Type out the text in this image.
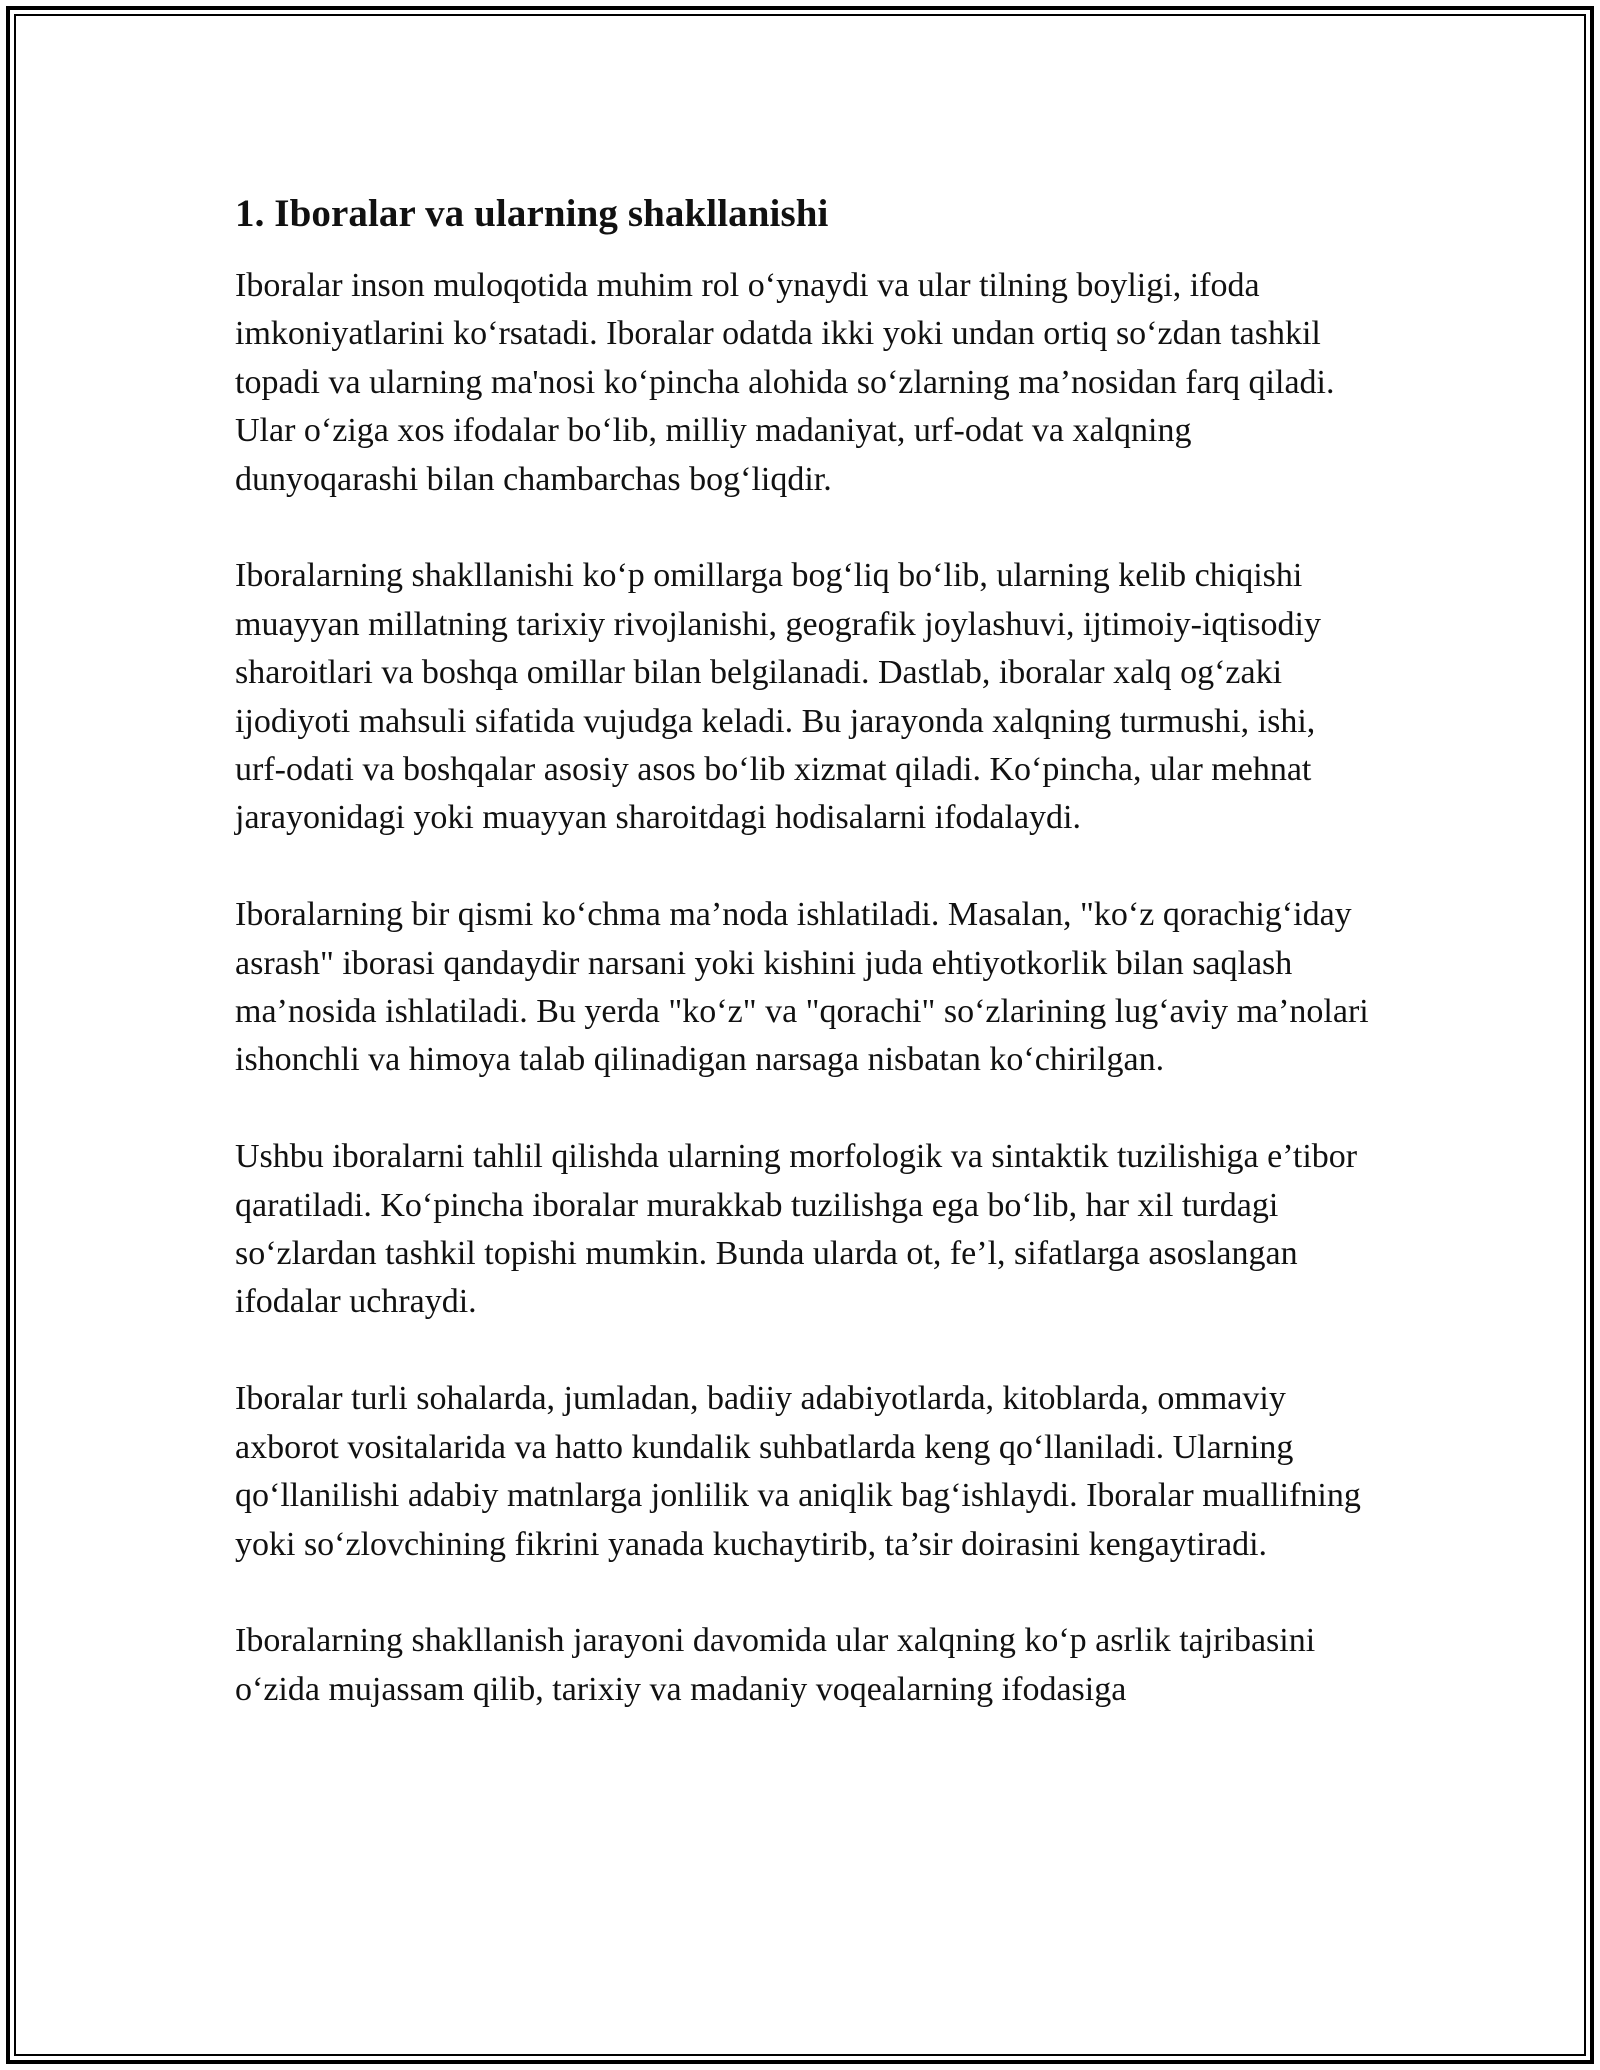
1. Iboralar va ularning shakllanishi

Iboralar inson muloqotida muhim rol o‘ynaydi va ular tilning boyligi, ifoda imkoniyatlarini ko‘rsatadi. Iboralar odatda ikki yoki undan ortiq so‘zdan tashkil topadi va ularning ma'nosi ko‘pincha alohida so‘zlarning ma’nosidan farq qiladi. Ular o‘ziga xos ifodalar bo‘lib, milliy madaniyat, urf-odat va xalqning dunyoqarashi bilan chambarchas bog‘liqdir.

Iboralarning shakllanishi ko‘p omillarga bog‘liq bo‘lib, ularning kelib chiqishi muayyan millatning tarixiy rivojlanishi, geografik joylashuvi, ijtimoiy-iqtisodiy sharoitlari va boshqa omillar bilan belgilanadi. Dastlab, iboralar xalq og‘zaki ijodiyoti mahsuli sifatida vujudga keladi. Bu jarayonda xalqning turmushi, ishi, urf-odati va boshqalar asosiy asos bo‘lib xizmat qiladi. Ko‘pincha, ular mehnat jarayonidagi yoki muayyan sharoitdagi hodisalarni ifodalaydi.

Iboralarning bir qismi ko‘chma ma’noda ishlatiladi. Masalan, "ko‘z qorachig‘iday asrash" iborasi qandaydir narsani yoki kishini juda ehtiyotkorlik bilan saqlash ma’nosida ishlatiladi. Bu yerda "ko‘z" va "qorachi" so‘zlarining lug‘aviy ma’nolari ishonchli va himoya talab qilinadigan narsaga nisbatan ko‘chirilgan.

Ushbu iboralarni tahlil qilishda ularning morfologik va sintaktik tuzilishiga e’tibor qaratiladi. Ko‘pincha iboralar murakkab tuzilishga ega bo‘lib, har xil turdagi so‘zlardan tashkil topishi mumkin. Bunda ularda ot, fe’l, sifatlarga asoslangan ifodalar uchraydi.

Iboralar turli sohalarda, jumladan, badiiy adabiyotlarda, kitoblarda, ommaviy axborot vositalarida va hatto kundalik suhbatlarda keng qo‘llaniladi. Ularning qo‘llanilishi adabiy matnlarga jonlilik va aniqlik bag‘ishlaydi. Iboralar muallifning yoki so‘zlovchining fikrini yanada kuchaytirib, ta’sir doirasini kengaytiradi.

Iboralarning shakllanish jarayoni davomida ular xalqning ko‘p asrlik tajribasini o‘zida mujassam qilib, tarixiy va madaniy voqealarning ifodasiga
